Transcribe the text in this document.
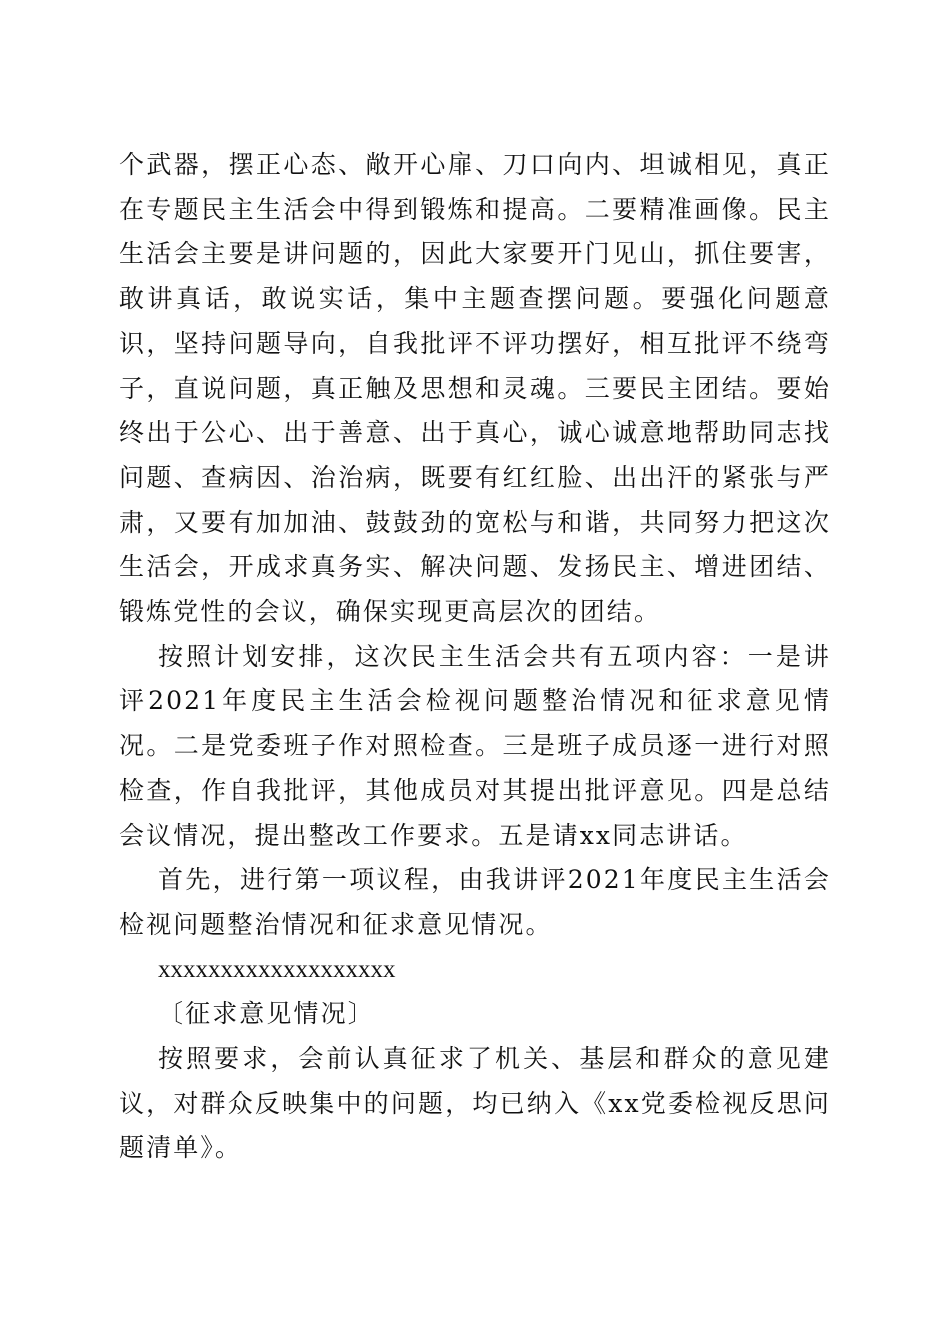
个武器，摆正心态、敞开心扉、刀口向内、坦诚相见，真正在专题民主生活会中得到锻炼和提高。二要精准画像。民主生活会主要是讲问题的，因此大家要开门见山，抓住要害，敢讲真话，敢说实话，集中主题查摆问题。要强化问题意识，坚持问题导向，自我批评不评功摆好，相互批评不绕弯子，直说问题，真正触及思想和灵魂。三要民主团结。要始终出于公心、出于善意、出于真心，诚心诚意地帮助同志找问题、查病因、治治病，既要有红红脸、出出汗的紧张与严肃，又要有加加油、鼓鼓劲的宽松与和谐，共同努力把这次生活会，开成求真务实、解决问题、发扬民主、增进团结、锻炼党性的会议，确保实现更高层次的团结。

按照计划安排，这次民主生活会共有五项内容：一是讲评2021年度民主生活会检视问题整治情况和征求意见情况。二是党委班子作对照检查。三是班子成员逐一进行对照检查，作自我批评，其他成员对其提出批评意见。四是总结会议情况，提出整改工作要求。五是请xx同志讲话。

首先，进行第一项议程，由我讲评2021年度民主生活会检视问题整治情况和征求意见情况。

xxxxxxxxxxxxxxxxxxx

〔征求意见情况〕

按照要求，会前认真征求了机关、基层和群众的意见建议，对群众反映集中的问题，均已纳入《xx党委检视反思问题清单》。
